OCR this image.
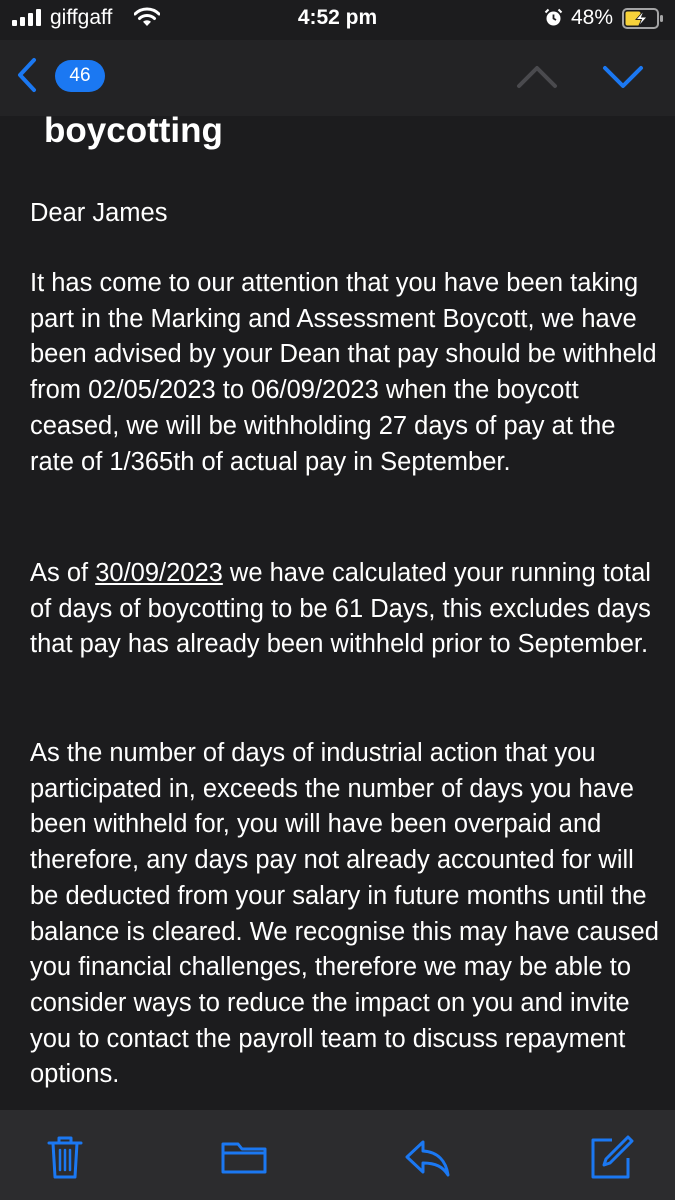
giffgaff	4:52 pm	48%
46
boycotting

Dear James

It has come to our attention that you have been taking part in the Marking and Assessment Boycott, we have been advised by your Dean that pay should be withheld from 02/05/2023 to 06/09/2023 when the boycott ceased, we will be withholding 27 days of pay at the rate of 1/365th of actual pay in September.

As of 30/09/2023 we have calculated your running total of days of boycotting to be 61 Days, this excludes days that pay has already been withheld prior to September.

As the number of days of industrial action that you participated in, exceeds the number of days you have been withheld for, you will have been overpaid and therefore, any days pay not already accounted for will be deducted from your salary in future months until the balance is cleared. We recognise this may have caused you financial challenges, therefore we may be able to consider ways to reduce the impact on you and invite you to contact the payroll team to discuss repayment options.
